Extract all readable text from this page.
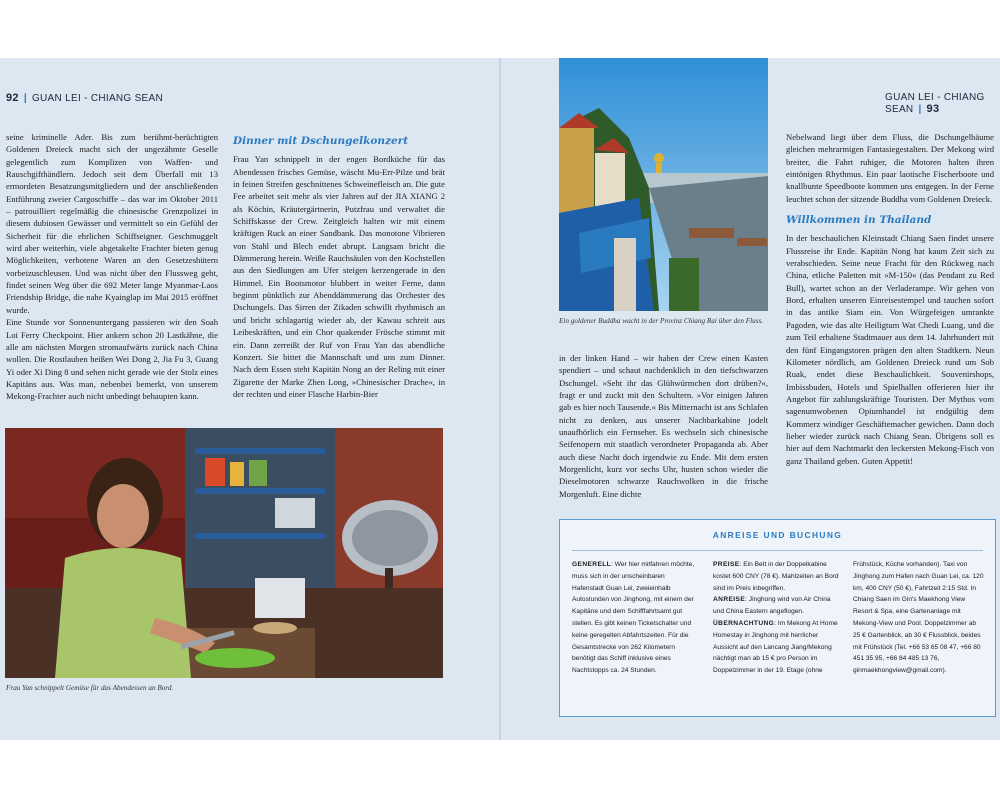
92 | GUAN LEI - CHIANG SEAN

seine kriminelle Ader. Bis zum berühmt-berüchtigten Goldenen Dreieck macht sich der ungezähmte Geselle gelegentlich zum Komplizen von Waffen- und Rauschgifthändlern. Jedoch seit dem Überfall mit 13 ermordeten Besatzungsmitgliedern und der anschließenden Entführung zweier Cargoschiffe – das war im Oktober 2011 – patrouilliert regelmäßig die chinesische Grenzpolizei in diesem dubiosen Gewässer und vermittelt so ein Gefühl der Sicherheit für die ehrlichen Schiffseigner. Geschmuggelt wird aber weiterhin, viele abgetakelte Frachter bieten genug Möglichkeiten, verbotene Waren an den Gesetzeshütern vorbeizuschleusen. Und was nicht über den Flussweg geht, findet seinen Weg über die 692 Meter lange Myanmar-Laos Friendship Bridge, die nahe Kyainglap im Mai 2015 eröffnet wurde.

Eine Stunde vor Sonnenuntergang passieren wir den Soah Loi Ferry Checkpoint. Hier ankern schon 20 Lastkähne, die alle am nächsten Morgen stromaufwärts zurück nach China wollen. Die Rostlauben heißen Wei Dong 2, Jia Fu 3, Guang Yi oder Xi Ding 8 und sehen nicht gerade wie der Stolz eines Kapitäns aus. Was man, nebenbei bemerkt, von unserem Mekong-Frachter auch nicht unbedingt behaupten kann.

Dinner mit Dschungelkonzert

Frau Yan schnippelt in der engen Bordküche für das Abendessen frisches Gemüse, wäscht Mu-Err-Pilze und brät in feinen Streifen geschnittenes Schweinefleisch an. Die gute Fee arbeitet seit mehr als vier Jahren auf der JIA XIANG 2 als Köchin, Kräutergärtnerin, Putzfrau und verwaltet die Schiffskasse der Crew. Zeitgleich halten wir mit einem kräftigen Ruck an einer Sandbank. Das monotone Vibrieren von Stahl und Blech endet abrupt. Langsam bricht die Dämmerung herein. Weiße Rauchsäulen von den Kochstellen aus den Siedlungen am Ufer steigen kerzengerade in den Himmel. Ein Bootsmotor blubbert in weiter Ferne, dann beginnt pünktlich zur Abenddämmerung das Orchester des Dschungels. Das Sirren der Zikaden schwillt rhythmisch an und bricht schlagartig wieder ab, der Kawau schreit aus Leibeskräften, und ein Chor quakender Frösche stimmt mit ein. Dann zerreißt der Ruf von Frau Yan das abendliche Konzert. Sie bittet die Mannschaft und uns zum Dinner. Nach dem Essen steht Kapitän Nong an der Reling mit einer Zigarette der Marke Zhen Long, »Chinesischer Drache«, in der rechten und einer Flasche Harbin-Bier

Frau Yan schnippelt Gemüse für das Abendessen an Bord.
GUAN LEI - CHIANG SEAN | 93
Ein goldener Buddha wacht in der Provinz Chiang Rai über den Fluss.

in der linken Hand – wir haben der Crew einen Kasten spendiert – und schaut nachdenklich in den tiefschwarzen Dschungel. »Seht ihr das Glühwürmchen dort drüben?«, fragt er und zuckt mit den Schultern. »Vor einigen Jahren gab es hier noch Tausende.« Bis Mitternacht ist ans Schlafen nicht zu denken, aus unserer Nachbarkabine jodelt unaufhörlich ein Fernseher. Es wechseln sich chinesische Seifenopern mit staatlich verordneter Propaganda ab. Aber auch diese Nacht doch irgendwie zu Ende. Mit dem ersten Morgenlicht, kurz vor sechs Uhr, husten schon wieder die Dieselmotoren schwarze Rauchwolken in die frische Morgenluft. Eine dichte

Nebelwand liegt über dem Fluss, die Dschungelbäume gleichen mehrarmigen Fantasiegestalten. Der Mekong wird breiter, die Fahrt ruhiger, die Motoren halten ihren eintönigen Rhythmus. Ein paar laotische Fischerboote und knallbunte Speedboote kommen uns entgegen. In der Ferne leuchtet schon der sitzende Buddha vom Goldenen Dreieck.

Willkommen in Thailand

In der beschaulichen Kleinstadt Chiang Saen findet unsere Flussreise ihr Ende. Kapitän Nong hat kaum Zeit sich zu verabschieden. Seine neue Fracht für den Rückweg nach China, etliche Paletten mit »M-150« (das Pendant zu Red Bull), wartet schon an der Verladerampe. Wir gehen von Bord, erhalten unseren Einreisestempel und tauchen sofort in das antike Siam ein. Von Würgefeigen umrankte Pagoden, wie das alte Heiligtum Wat Chedi Luang, und die zum Teil erhaltene Stadtmauer aus dem 14. Jahrhundert mit den fünf Eingangstoren prägen den alten Stadtkern. Neun Kilometer nördlich, am Goldenen Dreieck rund um Sob Ruak, endet diese Beschaulichkeit. Souvenirshops, Imbissbuden, Hotels und Spielhallen offerieren hier ihr Angebot für zahlungskräftige Touristen. Der Mythos vom sagenumwobenen Opiumhandel ist endgültig dem Kommerz windiger Geschäftemacher gewichen. Dann doch lieber wieder zurück nach Chiang Sean. Übrigens soll es hier auf dem Nachtmarkt den leckersten Mekong-Fisch von ganz Thailand geben. Guten Appetit!

ANREISE UND BUCHUNG
GENERELL: Wer hier mitfahren möchte, muss sich in der unscheinbaren Hafenstadt Guan Lei, zweieinhalb Autostunden von Jinghong, mit einem der Kapitäne und dem Schifffahrtsamt gut stellen. Es gibt keinen Ticketschalter und keine geregelten Abfahrtszeiten. Für die Gesamtstrecke von 262 Kilometern benötigt das Schiff inklusive eines Nachtstopps ca. 24 Stunden.
PREISE: Ein Bett in der Doppelkabine kostet 600 CNY (78 €). Mahlzeiten an Bord sind im Preis inbegriffen.
ANREISE: Jinghong wird von Air China und China Eastern angeflogen.
ÜBERNACHTUNG: Im Mekong At Home Homestay in Jinghong mit herrlicher Aussicht auf den Lancang Jiang/Mekong nächtigt man ab 15 € pro Person im Doppelzimmer in der 19. Etage (ohne
Frühstück, Küche vorhanden). Taxi von Jinghong zum Hafen nach Guan Lei, ca. 120 km, 400 CNY (50 €), Fahrtzeit 2:15 Std. In Chiang Saen im Gin's Maekhong View Resort & Spa, eine Gartenanlage mit Mekong-View und Pool. Doppelzimmer ab 25 € Gartenblick, ab 30 € Flussblick, beides mit Frühstück (Tel. +66 53 65 08 47, +66 80 451 35 95, +66 84 485 13 76, ginmaekhongview@gmail.com).
